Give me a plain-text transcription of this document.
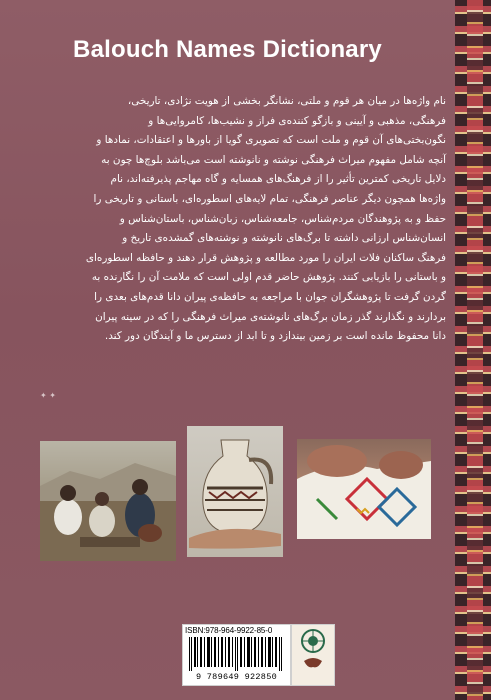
Balouch Names Dictionary
نام واژه‌ها در میان هر قوم و ملتی، نشانگر بخشی از هویت نژادی، تاریخی،
فرهنگی، مذهبی و آیینی و بازگو کننده‌ی فراز و نشیب‌ها، کامروایی‌ها و
نگون‌بختی‌های آن قوم و ملت است که تصویری گویا از باورها و اعتقادات، نمادها و
آنچه شامل مفهوم میراث فرهنگی نوشته و نانوشته است می‌باشد بلوچ‌ها چون به
دلایل تاریخی کمترین تأثیر را از فرهنگ‌های همسایه و گاه مهاجم پذیرفته‌اند، نام
واژه‌ها همچون دیگر عناصر فرهنگی، تمام لایه‌های اسطوره‌ای، باستانی و تاریخی را
حفظ و به پژوهندگان مردم‌شناس، جامعه‌شناس، زبان‌شناس، باستان‌شناس و
انسان‌شناس ارزانی داشته تا برگ‌های نانوشته و نوشته‌های گمشده‌ی تاریخ و
فرهنگ ساکنان فلات ایران را مورد مطالعه و پژوهش قرار دهند و حافظه اسطوره‌ای
و باستانی را بازیابی کنند. پژوهش حاضر قدم اولی است که ملامت آن را نگارنده به
گردن گرفت تا پژوهشگران جوان با مراجعه به حافظه‌ی پیران دانا قدم‌های بعدی را
بردارند و نگذارند گذر زمان برگ‌های نانوشته‌ی میراث فرهنگی را که در سینه پیران
دانا محفوظ مانده است بر زمین بیندازد و تا ابد از دسترس ما و آیندگان دور کند.
✦ ✦
ISBN:978-964-9922-85-0
9 789649 922850
